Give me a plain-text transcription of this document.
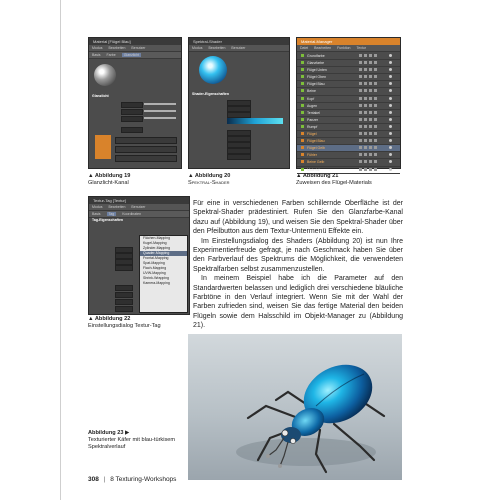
Material [Flügel Blau]
Modus Bearbeiten Benutzer
Basis Farbe Glanzlicht
Glanzlicht
▲ Abbildung 19
Glanzlicht-Kanal
Spektral-Shader
Modus Bearbeiten Benutzer
Shader-Eigenschaften
▲ Abbildung 20
Spektral-Shader
Material-Manager
Datei Bearbeiten Funktion Textur
Grundfarbe
Glanzfarbe
Flügel Unten
Flügel Oben
Flügel Blau
Beine
Kopf
Augen
Tentakel
Panzer
Rumpf
Flügel
Flügel Blau
Flügel Gelb
Fühler
Beine Gelb
Material
▲ Abbildung 21
Zuweisen des Flügel-Materials
Textur-Tag [Textur]
Modus Bearbeiten Benutzer
Basis Tag Koordinaten
Tag-Eigenschaften
Flächen-Mapping
Kugel-Mapping
Zylinder-Mapping
Quader-Mapping
Frontal-Mapping
Spat-Mapping
Flach-Mapping
UVW-Mapping
Shrink-Wrapping
Kamera-Mapping
▲ Abbildung 22
Einstellungsdialog Textur-Tag

Für eine in verschiedenen Farben schillernde Oberfläche ist der Spektral-Shader prädestiniert. Rufen Sie den Glanzfarbe-Kanal dazu auf (Abbildung 19), und weisen Sie den Spektral-Shader über den Pfeilbutton aus dem Textur-Untermenü Effekte ein.

Im Einstellungsdialog des Shaders (Abbildung 20) ist nun Ihre Experimentierfreude gefragt, je nach Geschmack haben Sie über den Farbverlauf des Spektrums die Möglichkeit, die verwendeten Spektralfarben selbst zusammenzustellen.

In meinem Beispiel habe ich die Parameter auf den Standardwerten belassen und lediglich drei verschiedene bläuliche Farbtöne in den Verlauf integriert. Wenn Sie mit der Wahl der Farben zufrieden sind, weisen Sie das fertige Material den beiden Flügeln sowie dem Halsschild im Objekt-Manager zu (Abbildung 21).

Abbildung 23 ▶
Texturierter Käfer mit blau-türkisem Spektralverlauf
308 | 8 Texturing-Workshops
